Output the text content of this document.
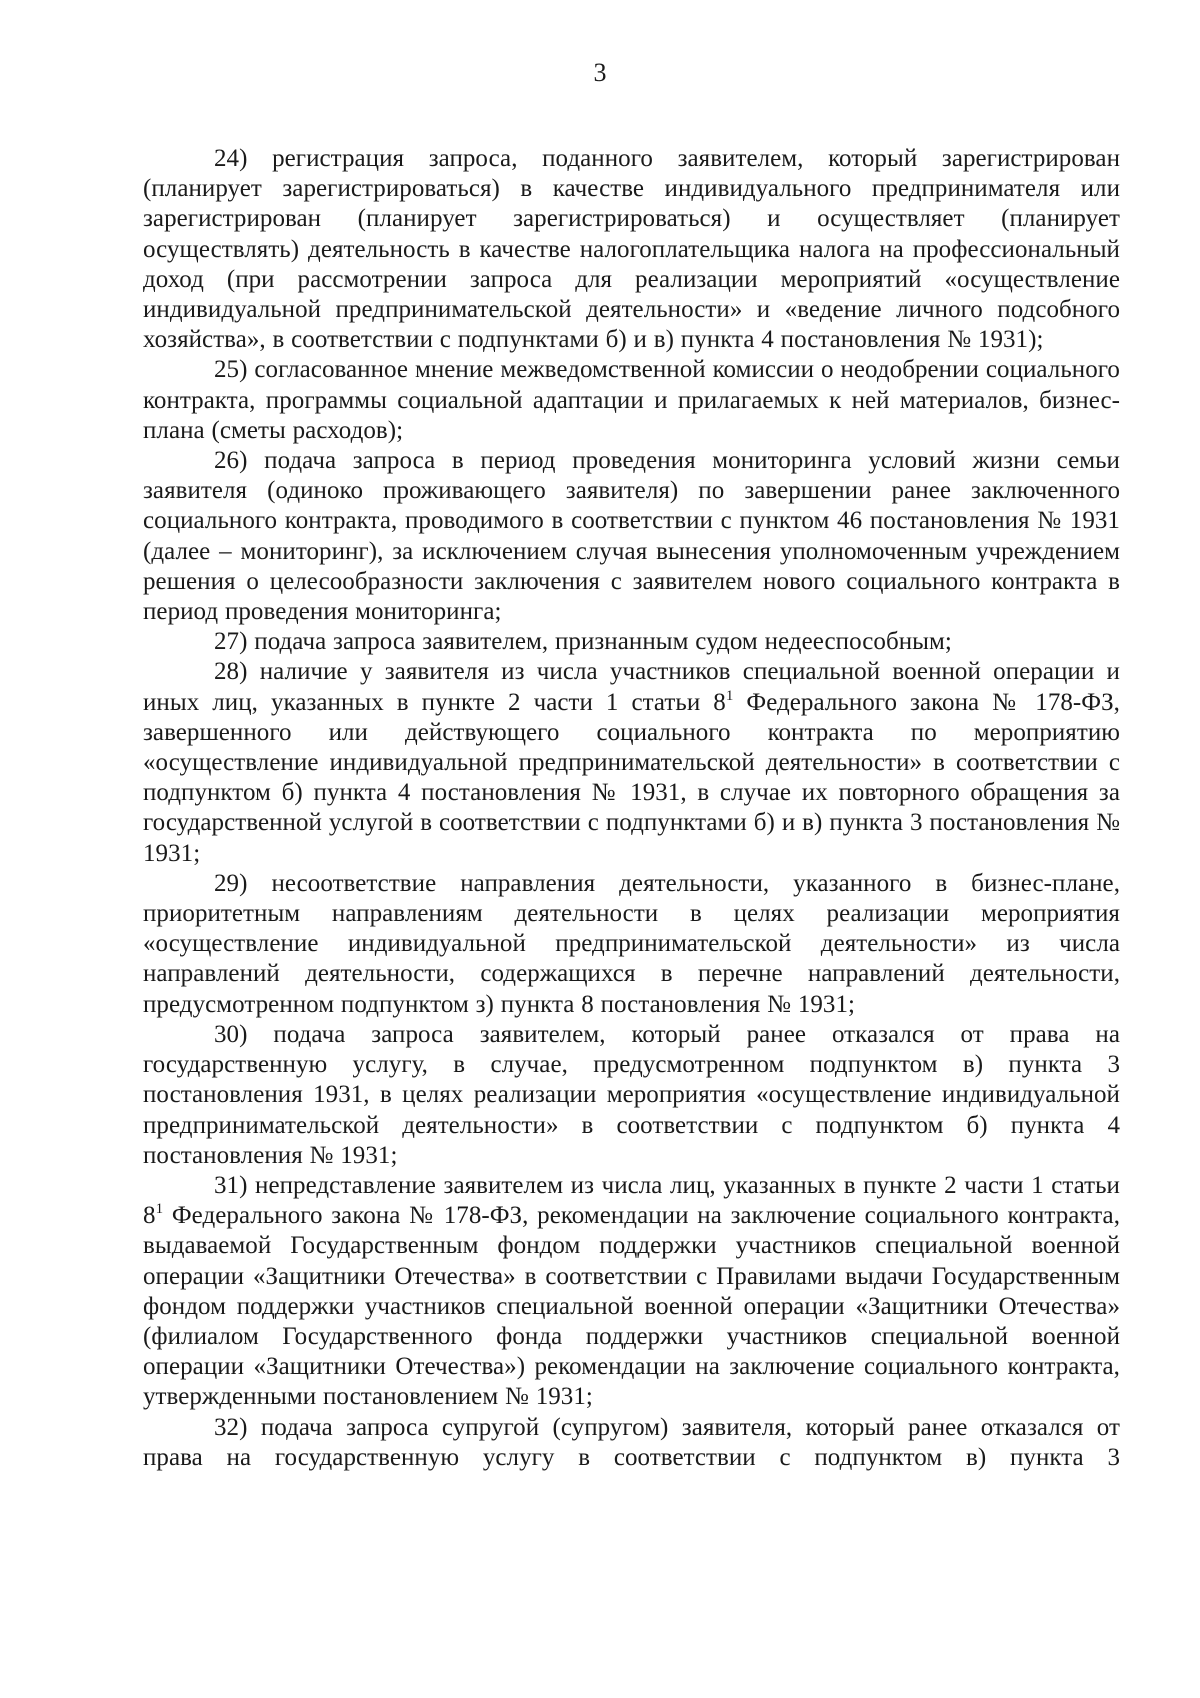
3

24) регистрация запроса, поданного заявителем, который зарегистрирован (планирует зарегистрироваться) в качестве индивидуального предпринимателя или зарегистрирован (планирует зарегистрироваться) и осуществляет (планирует осуществлять) деятельность в качестве налогоплательщика налога на профессиональный доход (при рассмотрении запроса для реализации мероприятий «осуществление индивидуальной предпринимательской деятельности» и «ведение личного подсобного хозяйства», в соответствии с подпунктами б) и в) пункта 4 постановления № 1931);

25) согласованное мнение межведомственной комиссии о неодобрении социального контракта, программы социальной адаптации и прилагаемых к ней материалов, бизнес-плана (сметы расходов);

26) подача запроса в период проведения мониторинга условий жизни семьи заявителя (одиноко проживающего заявителя) по завершении ранее заключенного социального контракта, проводимого в соответствии с пунктом 46 постановления № 1931 (далее – мониторинг), за исключением случая вынесения уполномоченным учреждением решения о целесообразности заключения с заявителем нового социального контракта в период проведения мониторинга;

27) подача запроса заявителем, признанным судом недееспособным;

28) наличие у заявителя из числа участников специальной военной операции и иных лиц, указанных в пункте 2 части 1 статьи $8^1$ Федерального закона № 178-ФЗ, завершенного или действующего социального контракта по мероприятию «осуществление индивидуальной предпринимательской деятельности» в соответствии с подпунктом б) пункта 4 постановления № 1931, в случае их повторного обращения за государственной услугой в соответствии с подпунктами б) и в) пункта 3 постановления № 1931;

29) несоответствие направления деятельности, указанного в бизнес-плане, приоритетным направлениям деятельности в целях реализации мероприятия «осуществление индивидуальной предпринимательской деятельности» из числа направлений деятельности, содержащихся в перечне направлений деятельности, предусмотренном подпунктом з) пункта 8 постановления № 1931;

30) подача запроса заявителем, который ранее отказался от права на государственную услугу, в случае, предусмотренном подпунктом в) пункта 3 постановления 1931, в целях реализации мероприятия «осуществление индивидуальной предпринимательской деятельности» в соответствии с подпунктом б) пункта 4 постановления № 1931;

31) непредставление заявителем из числа лиц, указанных в пункте 2 части 1 статьи $8^1$ Федерального закона № 178-ФЗ, рекомендации на заключение социального контракта, выдаваемой Государственным фондом поддержки участников специальной военной операции «Защитники Отечества» в соответствии с Правилами выдачи Государственным фондом поддержки участников специальной военной операции «Защитники Отечества» (филиалом Государственного фонда поддержки участников специальной военной операции «Защитники Отечества») рекомендации на заключение социального контракта, утвержденными постановлением № 1931;

32) подача запроса супругой (супругом) заявителя, который ранее отказался от права на государственную услугу в соответствии с подпунктом в) пункта 3
